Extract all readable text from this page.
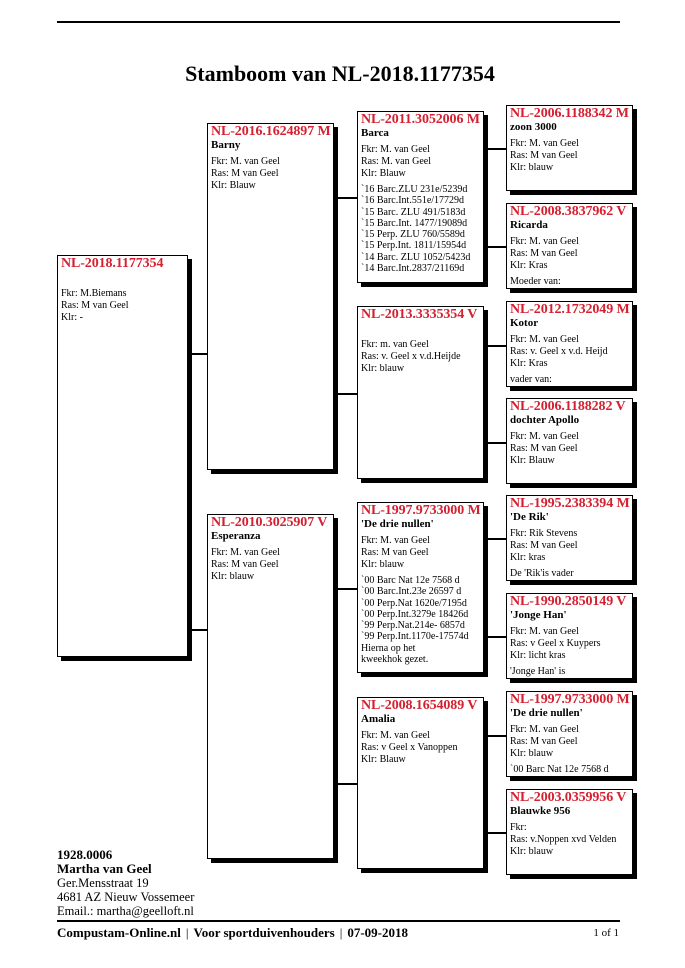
Stamboom van NL-2018.1177354
NL-2018.1177354
Fkr: M.Biemans
Ras: M van Geel
Klr: -
NL-2016.1624897 M
Barny
Fkr: M. van Geel
Ras: M van Geel
Klr: Blauw
NL-2010.3025907 V
Esperanza
Fkr: M. van Geel
Ras: M van Geel
Klr: blauw
NL-2011.3052006 M
Barca
Fkr: M. van Geel
Ras: M. van Geel
Klr: Blauw
`16 Barc.ZLU 231e/5239d
`16 Barc.Int.551e/17729d
`15 Barc. ZLU 491/5183d
`15 Barc.Int. 1477/19089d
`15 Perp. ZLU 760/5589d
`15 Perp.Int. 1811/15954d
`14 Barc. ZLU 1052/5423d
`14 Barc.Int.2837/21169d
NL-2013.3335354 V
Fkr: m. van Geel
Ras: v. Geel x v.d.Heijde
Klr: blauw
NL-1997.9733000 M
'De drie nullen'
Fkr: M. van Geel
Ras: M van Geel
Klr: blauw
`00 Barc Nat 12e 7568 d
`00 Barc.Int.23e 26597 d
`00 Perp.Nat 1620e/7195d
`00 Perp.Int.3279e 18426d
`99 Perp.Nat.214e- 6857d
`99 Perp.Int.1170e-17574d
Hierna op het
kweekhok gezet.
NL-2008.1654089 V
Amalia
Fkr: M. van Geel
Ras: v Geel x Vanoppen
Klr: Blauw
NL-2006.1188342 M
zoon 3000
Fkr: M. van Geel
Ras: M van Geel
Klr: blauw
NL-2008.3837962 V
Ricarda
Fkr: M. van Geel
Ras: M van Geel
Klr: Kras
Moeder van:
NL-2012.1732049 M
Kotor
Fkr: M. van Geel
Ras: v. Geel x v.d. Heijd
Klr: Kras
vader van:
NL-2006.1188282 V
dochter Apollo
Fkr: M. van Geel
Ras: M van Geel
Klr: Blauw
NL-1995.2383394 M
'De Rik'
Fkr: Rik Stevens
Ras: M van Geel
Klr: kras
De 'Rik'is vader
NL-1990.2850149 V
'Jonge Han'
Fkr: M. van Geel
Ras: v Geel x Kuypers
Klr: licht kras
'Jonge Han' is
NL-1997.9733000 M
'De drie nullen'
Fkr: M. van Geel
Ras: M van Geel
Klr: blauw
`00 Barc Nat 12e 7568 d
NL-2003.0359956 V
Blauwke 956
Fkr:
Ras: v.Noppen xvd Velden
Klr: blauw
1928.0006
Martha van Geel
Ger.Mensstraat 19
4681 AZ Nieuw Vossemeer
Email.: martha@geelloft.nl
Compustam-Online.nl | Voor sportduivenhouders | 07-09-2018	1 of 1
